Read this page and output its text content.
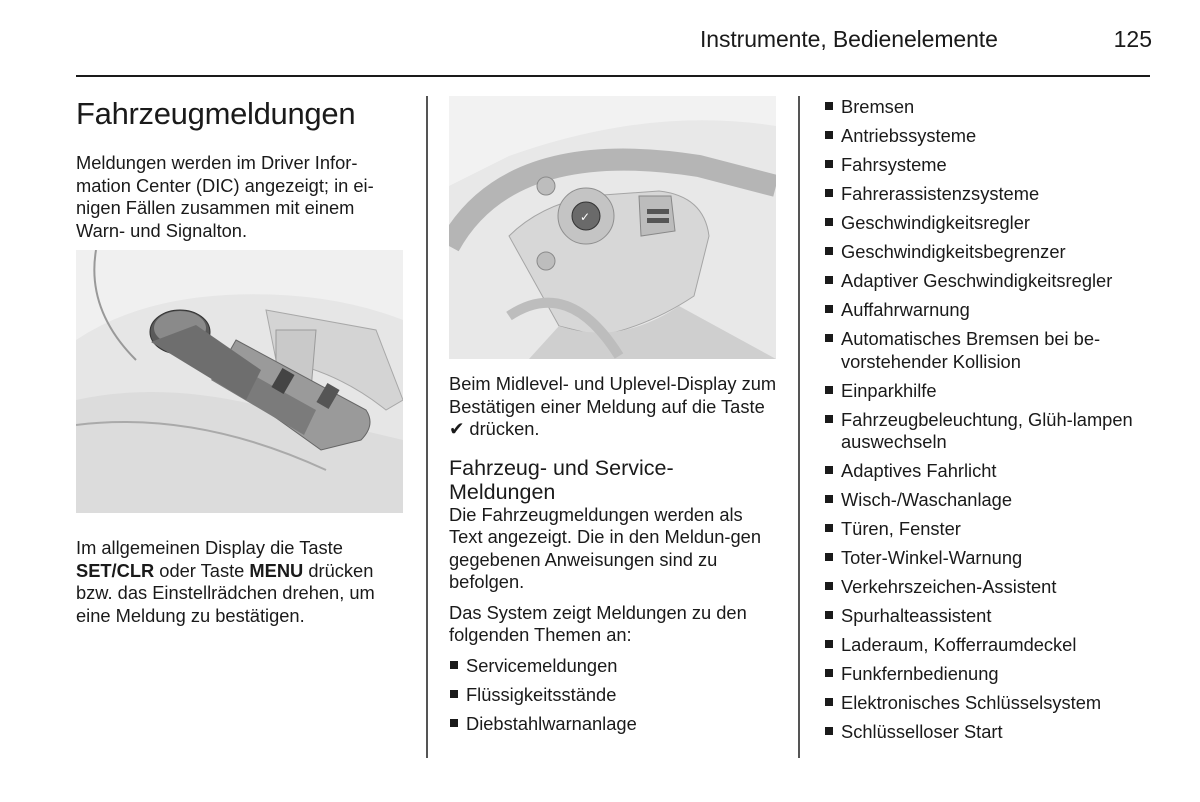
Instrumente, Bedienelemente	125
Fahrzeugmeldungen

Meldungen werden im Driver Infor-mation Center (DIC) angezeigt; in ei-nigen Fällen zusammen mit einem Warn- und Signalton.

Im allgemeinen Display die Taste SET/CLR oder Taste MENU drücken bzw. das Einstellrädchen drehen, um eine Meldung zu bestätigen.

✓

Beim Midlevel- und Uplevel-Display zum Bestätigen einer Meldung auf die Taste ✔ drücken.

Fahrzeug- und Service-Meldungen

Die Fahrzeugmeldungen werden als Text angezeigt. Die in den Meldun-gen gegebenen Anweisungen sind zu befolgen.

Das System zeigt Meldungen zu den folgenden Themen an:

Servicemeldungen
Flüssigkeitsstände
Diebstahlwarnanlage
Bremsen
Antriebssysteme
Fahrsysteme
Fahrerassistenzsysteme
Geschwindigkeitsregler
Geschwindigkeitsbegrenzer
Adaptiver Geschwindigkeitsregler
Auffahrwarnung
Automatisches Bremsen bei be-vorstehender Kollision
Einparkhilfe
Fahrzeugbeleuchtung, Glüh-lampen auswechseln
Adaptives Fahrlicht
Wisch-/Waschanlage
Türen, Fenster
Toter-Winkel-Warnung
Verkehrszeichen-Assistent
Spurhalteassistent
Laderaum, Kofferraumdeckel
Funkfernbedienung
Elektronisches Schlüsselsystem
Schlüsselloser Start
